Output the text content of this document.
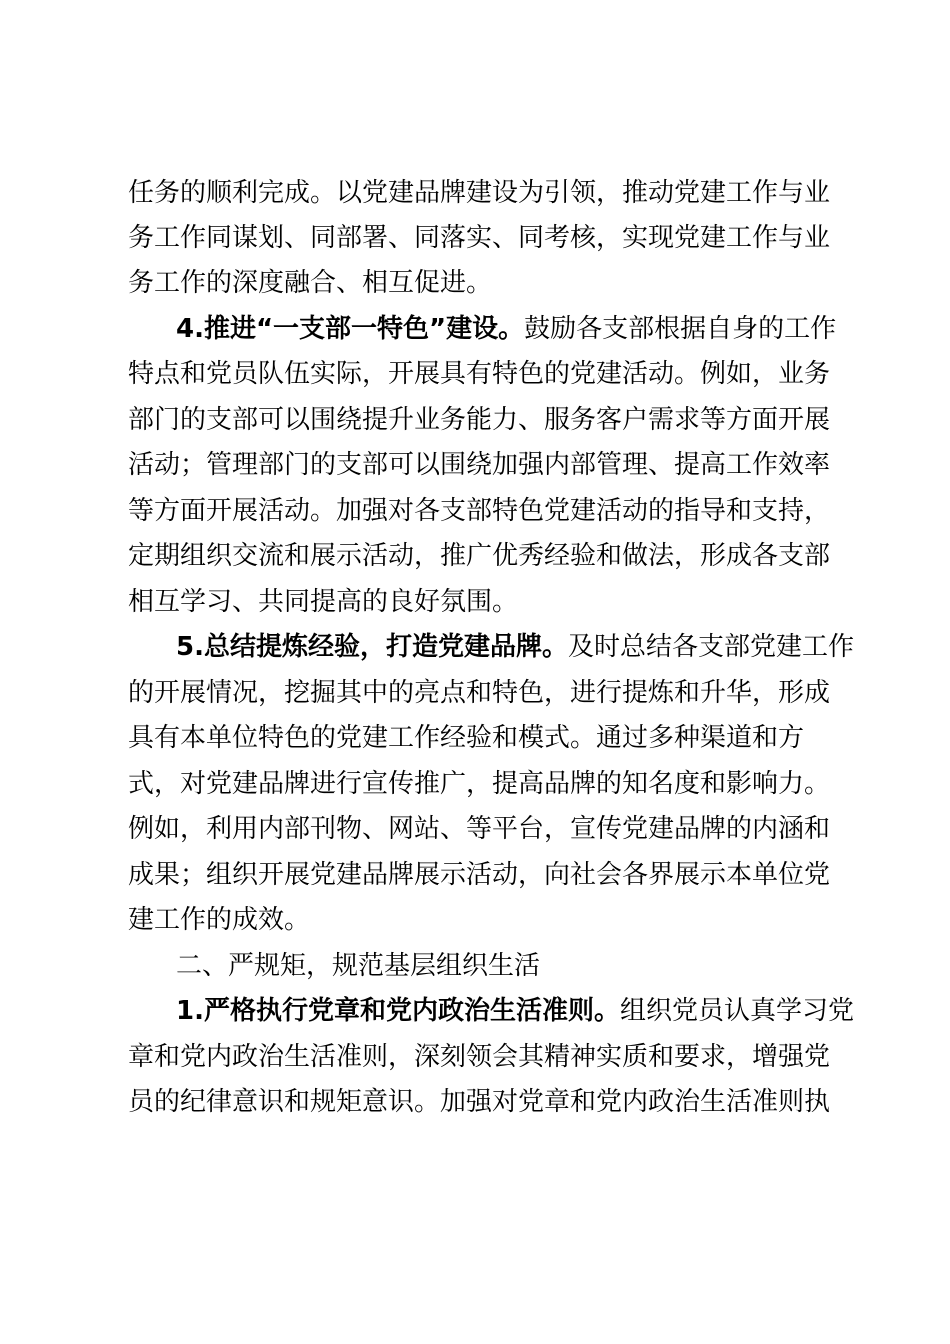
任务的顺利完成。以党建品牌建设为引领，推动党建工作与业
务工作同谋划、同部署、同落实、同考核，实现党建工作与业
务工作的深度融合、相互促进。
4.推进“一支部一特色”建设。鼓励各支部根据自身的工作
特点和党员队伍实际，开展具有特色的党建活动。例如，业务
部门的支部可以围绕提升业务能力、服务客户需求等方面开展
活动；管理部门的支部可以围绕加强内部管理、提高工作效率
等方面开展活动。加强对各支部特色党建活动的指导和支持，
定期组织交流和展示活动，推广优秀经验和做法，形成各支部
相互学习、共同提高的良好氛围。
5.总结提炼经验，打造党建品牌。及时总结各支部党建工作
的开展情况，挖掘其中的亮点和特色，进行提炼和升华，形成
具有本单位特色的党建工作经验和模式。通过多种渠道和方
式，对党建品牌进行宣传推广，提高品牌的知名度和影响力。
例如，利用内部刊物、网站、等平台，宣传党建品牌的内涵和
成果；组织开展党建品牌展示活动，向社会各界展示本单位党
建工作的成效。
二、严规矩，规范基层组织生活
1.严格执行党章和党内政治生活准则。组织党员认真学习党
章和党内政治生活准则，深刻领会其精神实质和要求，增强党
员的纪律意识和规矩意识。加强对党章和党内政治生活准则执
